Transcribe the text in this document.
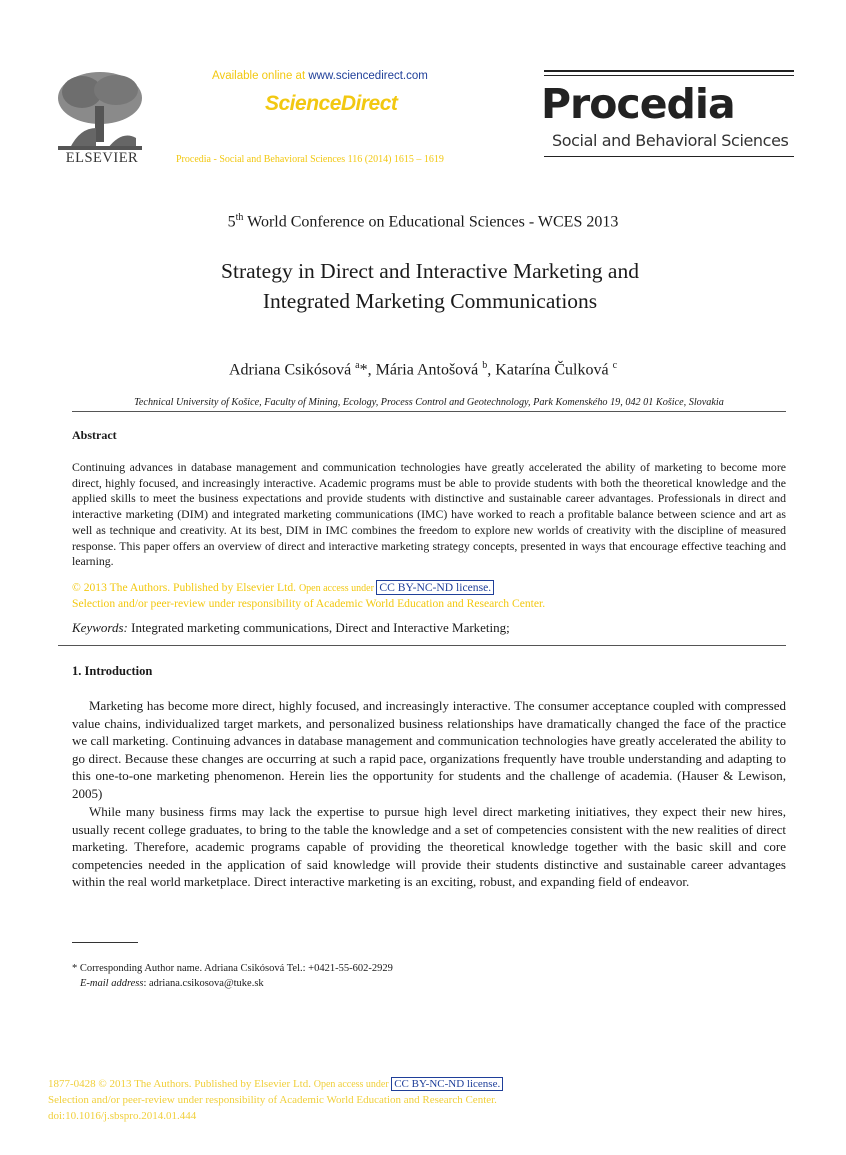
ELSEVIER
Available online at www.sciencedirect.com
ScienceDirect
Procedia - Social and Behavioral Sciences 116 (2014) 1615 – 1619
Procedia
Social and Behavioral Sciences
5th World Conference on Educational Sciences - WCES 2013
Strategy in Direct and Interactive Marketing and
Integrated Marketing Communications
Adriana Csikósová $^a$*, Mária Antošová $^b$, Katarína Čulková $^c$
Technical University of Košice, Faculty of Mining, Ecology, Process Control and Geotechnology, Park Komenského 19, 042 01 Košice, Slovakia
Abstract
Continuing advances in database management and communication technologies have greatly accelerated the ability of marketing to become more direct, highly focused, and increasingly interactive. Academic programs must be able to provide students with both the theoretical knowledge and the applied skills to meet the business expectations and provide students with distinctive and sustainable career advantages. Professionals in direct and interactive marketing (DIM) and integrated marketing communications (IMC) have worked to reach a profitable balance between science and art as well as technique and creativity. At its best, DIM in IMC combines the freedom to explore new worlds of creativity with the discipline of measured response. This paper offers an overview of direct and interactive marketing strategy concepts, presented in ways that encourage effective teaching and learning.
© 2013 The Authors. Published by Elsevier Ltd. Open access under CC BY-NC-ND license.
Selection and/or peer-review under responsibility of Academic World Education and Research Center.
Keywords: Integrated marketing communications, Direct and Interactive Marketing;
1. Introduction
Marketing has become more direct, highly focused, and increasingly interactive. The consumer acceptance coupled with compressed value chains, individualized target markets, and personalized business relationships have dramatically changed the face of the practice we call marketing. Continuing advances in database management and communication technologies have greatly accelerated the ability to go direct. Because these changes are occurring at such a rapid pace, organizations frequently have trouble understanding and adapting to this one-to-one marketing phenomenon. Herein lies the opportunity for students and the challenge of academia. (Hauser & Lewison, 2005)
While many business firms may lack the expertise to pursue high level direct marketing initiatives, they expect their new hires, usually recent college graduates, to bring to the table the knowledge and a set of competencies consistent with the new realities of direct marketing. Therefore, academic programs capable of providing the theoretical knowledge together with the basic skill and core competencies needed in the application of said knowledge will provide their students distinctive and sustainable career advantages within the real world marketplace. Direct interactive marketing is an exciting, robust, and expanding field of endeavor.
* Corresponding Author name. Adriana Csikósová Tel.: +0421-55-602-2929
E-mail address: adriana.csikosova@tuke.sk
1877-0428 © 2013 The Authors. Published by Elsevier Ltd. Open access under CC BY-NC-ND license.
Selection and/or peer-review under responsibility of Academic World Education and Research Center.
doi:10.1016/j.sbspro.2014.01.444
